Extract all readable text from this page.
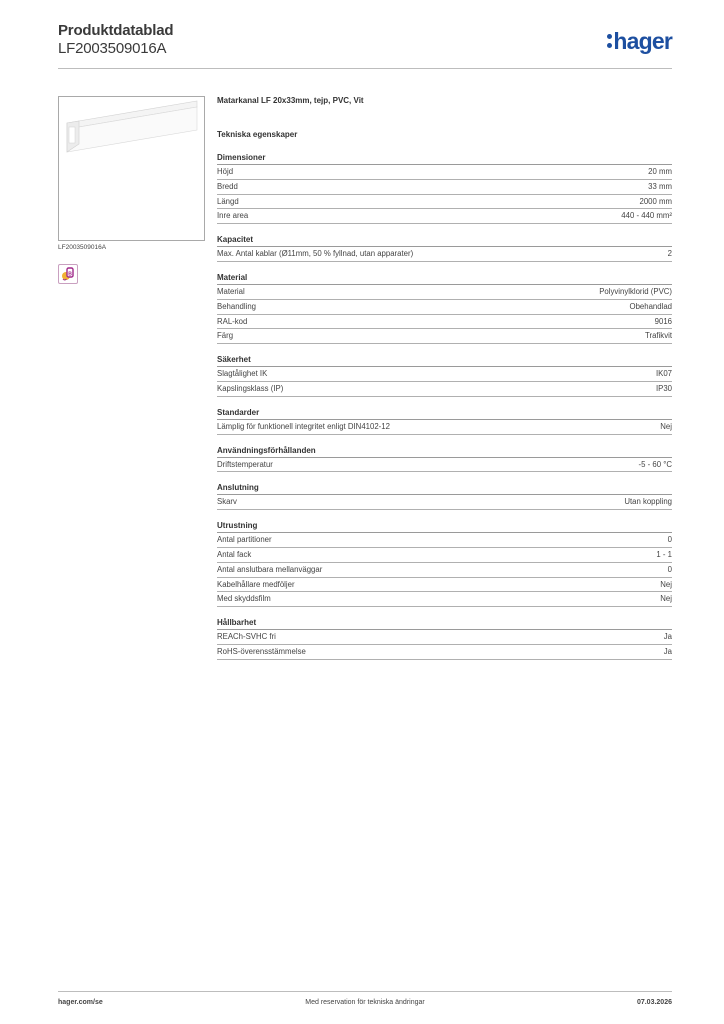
Produktdatablad
LF2003509016A	hager
LF2003509016A
B
Matarkanal LF 20x33mm, tejp, PVC, Vit
Tekniska egenskaper
Dimensioner
Höjd	20 mm
Bredd	33 mm
Längd	2000 mm
Inre area	440 - 440 mm²
Kapacitet
Max. Antal kablar (Ø11mm, 50 % fyllnad, utan apparater)	2
Material
Material	Polyvinylklorid (PVC)
Behandling	Obehandlad
RAL-kod	9016
Färg	Trafikvit
Säkerhet
Slagtålighet IK	IK07
Kapslingsklass (IP)	IP30
Standarder
Lämplig för funktionell integritet enligt DIN4102-12	Nej
Användningsförhållanden
Driftstemperatur	-5 - 60 °C
Anslutning
Skarv	Utan koppling
Utrustning
Antal partitioner	0
Antal fack	1 - 1
Antal anslutbara mellanväggar	0
Kabelhållare medföljer	Nej
Med skyddsfilm	Nej
Hållbarhet
REACh-SVHC fri	Ja
RoHS-överensstämmelse	Ja
hager.com/se	Med reservation för tekniska ändringar	07.03.2026
